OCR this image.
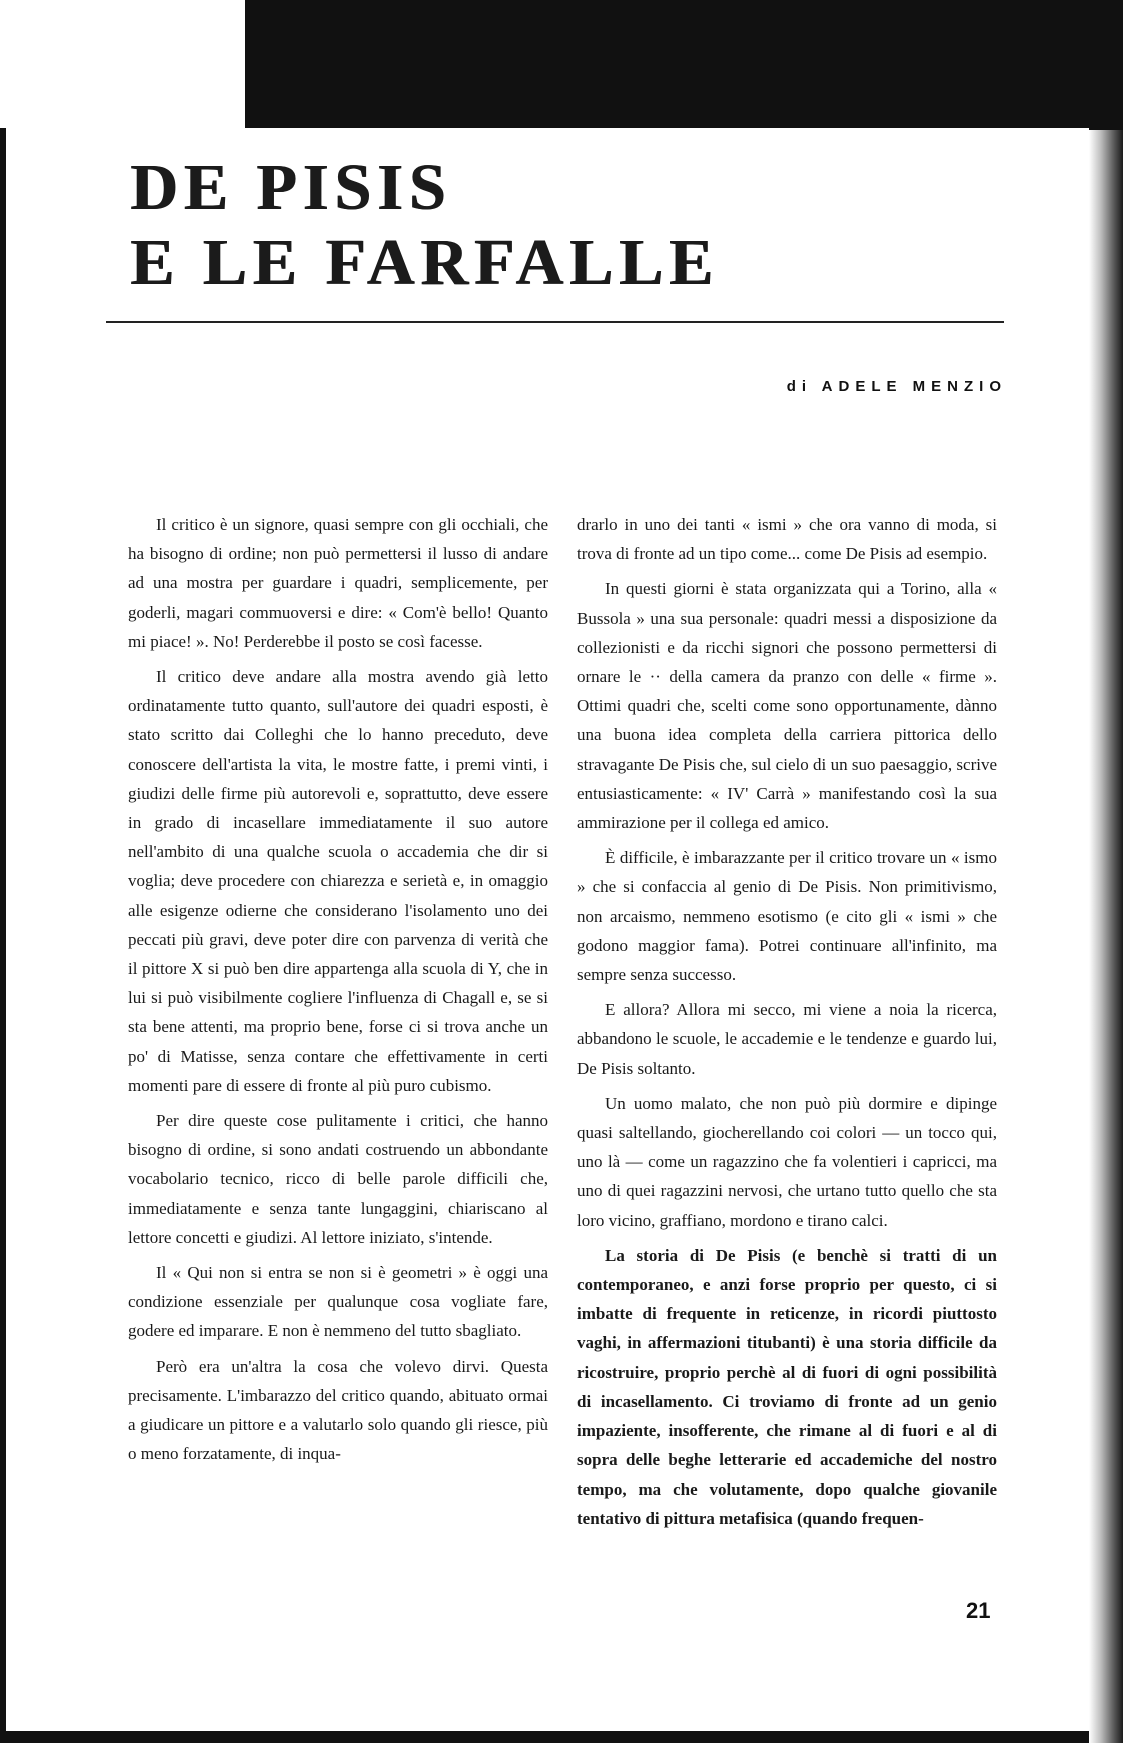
DE PISIS
E LE FARFALLE
di ADELE MENZIO

Il critico è un signore, quasi sempre con gli occhiali, che ha bisogno di ordine; non può permettersi il lusso di andare ad una mostra per guardare i quadri, semplicemente, per goderli, magari commuoversi e dire: « Com'è bello! Quanto mi piace! ». No! Perderebbe il posto se così facesse.

Il critico deve andare alla mostra avendo già letto ordinatamente tutto quanto, sull'autore dei quadri esposti, è stato scritto dai Colleghi che lo hanno preceduto, deve conoscere dell'artista la vita, le mostre fatte, i premi vinti, i giudizi delle firme più autorevoli e, soprattutto, deve essere in grado di incasellare immediatamente il suo autore nell'ambito di una qualche scuola o accademia che dir si voglia; deve procedere con chiarezza e serietà e, in omaggio alle esigenze odierne che considerano l'isolamento uno dei peccati più gravi, deve poter dire con parvenza di verità che il pittore X si può ben dire appartenga alla scuola di Y, che in lui si può visibilmente cogliere l'influenza di Chagall e, se si sta bene attenti, ma proprio bene, forse ci si trova anche un po' di Matisse, senza contare che effettivamente in certi momenti pare di essere di fronte al più puro cubismo.

Per dire queste cose pulitamente i critici, che hanno bisogno di ordine, si sono andati costruendo un abbondante vocabolario tecnico, ricco di belle parole difficili che, immediatamente e senza tante lungaggini, chiariscano al lettore concetti e giudizi. Al lettore iniziato, s'intende.

Il « Qui non si entra se non si è geometri » è oggi una condizione essenziale per qualunque cosa vogliate fare, godere ed imparare. E non è nemmeno del tutto sbagliato.

Però era un'altra la cosa che volevo dirvi. Questa precisamente. L'imbarazzo del critico quando, abituato ormai a giudicare un pittore e a valutarlo solo quando gli riesce, più o meno forzatamente, di inqua-

drarlo in uno dei tanti « ismi » che ora vanno di moda, si trova di fronte ad un tipo come... come De Pisis ad esempio.

In questi giorni è stata organizzata qui a Torino, alla « Bussola » una sua personale: quadri messi a disposizione da collezionisti e da ricchi signori che possono permettersi di ornare le ·· della camera da pranzo con delle « firme ». Ottimi quadri che, scelti come sono opportunamente, dànno una buona idea completa della carriera pittorica dello stravagante De Pisis che, sul cielo di un suo paesaggio, scrive entusiasticamente: « IV' Carrà » manifestando così la sua ammirazione per il collega ed amico.

È difficile, è imbarazzante per il critico trovare un « ismo » che si confaccia al genio di De Pisis. Non primitivismo, non arcaismo, nemmeno esotismo (e cito gli « ismi » che godono maggior fama). Potrei continuare all'infinito, ma sempre senza successo.

E allora? Allora mi secco, mi viene a noia la ricerca, abbandono le scuole, le accademie e le tendenze e guardo lui, De Pisis soltanto.

Un uomo malato, che non può più dormire e dipinge quasi saltellando, giocherellando coi colori — un tocco qui, uno là — come un ragazzino che fa volentieri i capricci, ma uno di quei ragazzini nervosi, che urtano tutto quello che sta loro vicino, graffiano, mordono e tirano calci.

La storia di De Pisis (e benchè si tratti di un contemporaneo, e anzi forse proprio per questo, ci si imbatte di frequente in reticenze, in ricordi piuttosto vaghi, in affermazioni titubanti) è una storia difficile da ricostruire, proprio perchè al di fuori di ogni possibilità di incasellamento. Ci troviamo di fronte ad un genio impaziente, insofferente, che rimane al di fuori e al di sopra delle beghe letterarie ed accademiche del nostro tempo, ma che volutamente, dopo qualche giovanile tentativo di pittura metafisica (quando frequen-

21
